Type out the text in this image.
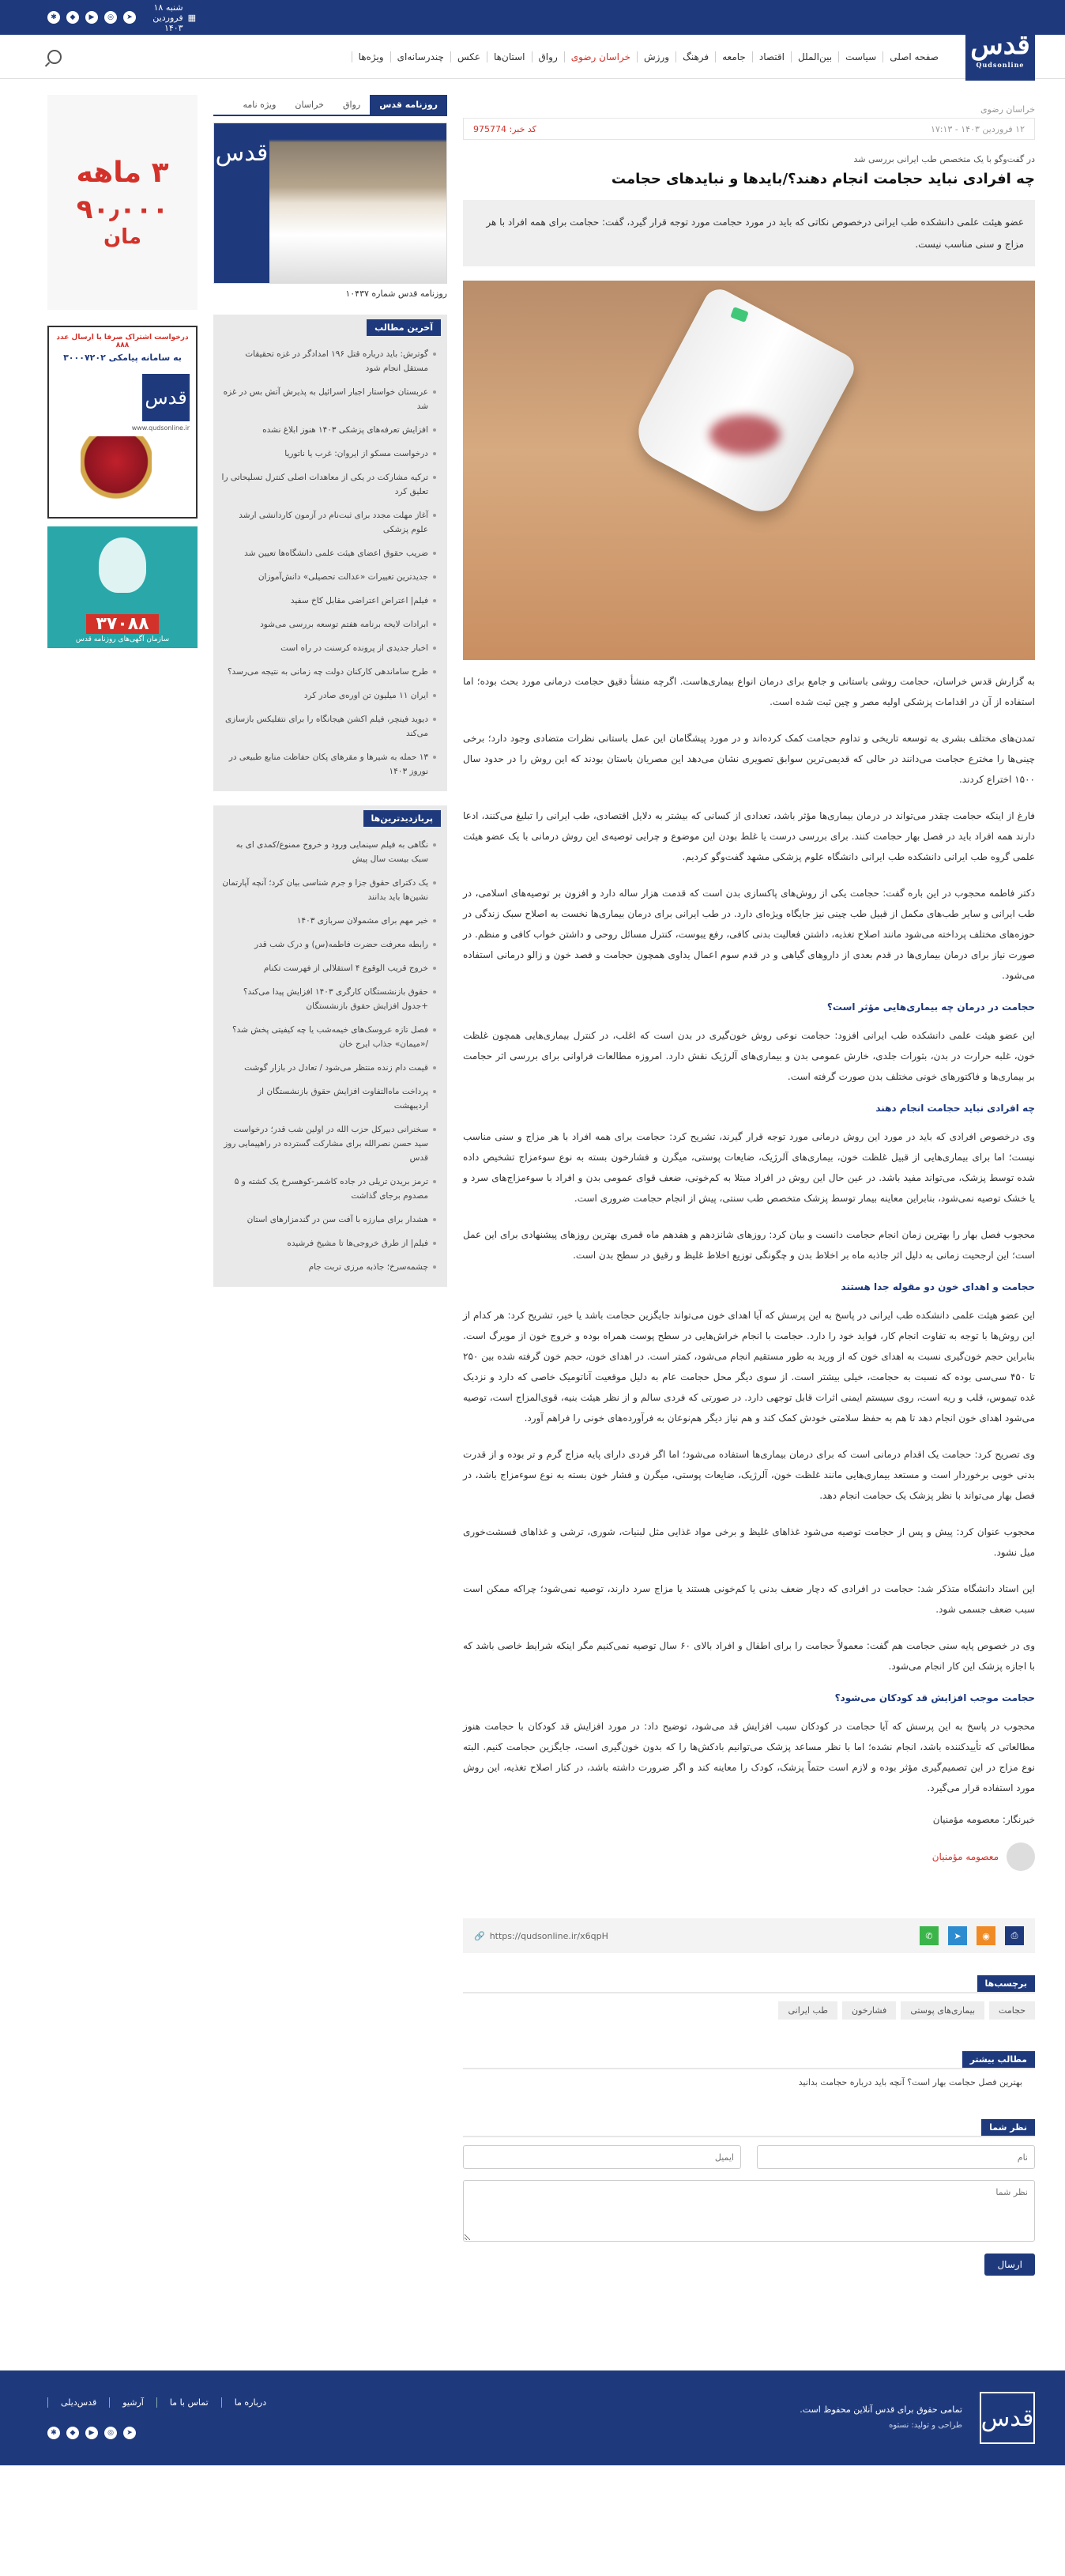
▦
شنبه ۱۸ فروردین ۱۴۰۳
➤
◎
▶
◆
✱
قدس
Qudsonline
صفحه اصلی
سیاست
بین‌الملل
اقتصاد
جامعه
فرهنگ
ورزش
خراسان رضوی
رواق
استان‌ها
عکس
چندرسانه‌ای
ویژه‌ها
خراسان رضوی
۱۲ فروردین ۱۴۰۳ - ۱۷:۱۳
کد خبر: 975774
در گفت‌وگو با یک متخصص طب ایرانی بررسی شد
چه افرادی نباید حجامت انجام دهند؟/بایدها و نبایدهای حجامت
عضو هیئت علمی دانشکده طب ایرانی درخصوص نکاتی که باید در مورد حجامت مورد توجه قرار گیرد، گفت: حجامت برای همه افراد با هر مزاج و سنی مناسب نیست.

به گزارش قدس خراسان، حجامت روشی باستانی و جامع برای درمان انواع بیماری‌هاست. اگرچه منشأ دقیق حجامت درمانی مورد بحث بوده؛ اما استفاده از آن در اقدامات پزشکی اولیه مصر و چین ثبت شده است.

تمدن‌های مختلف بشری به توسعه تاریخی و تداوم حجامت کمک کرده‌اند و در مورد پیشگامان این عمل باستانی نظرات متضادی وجود دارد؛ برخی چینی‌ها را مخترع حجامت می‌دانند در حالی که قدیمی‌ترین سوابق تصویری نشان می‌دهد این مصریان باستان بودند که این روش را در حدود سال ۱۵۰۰ اختراع کردند.

فارغ از اینکه حجامت چقدر می‌تواند در درمان بیماری‌ها مؤثر باشد، تعدادی از کسانی که بیشتر به دلایل اقتصادی، طب ایرانی را تبلیغ می‌کنند، ادعا دارند همه افراد باید در فصل بهار حجامت کنند. برای بررسی درست یا غلط بودن این موضوع و چرایی توصیه‌ی این روش درمانی با یک عضو هیئت علمی گروه طب ایرانی دانشکده طب ایرانی دانشگاه علوم پزشکی مشهد گفت‌وگو کردیم.

دکتر فاطمه محجوب در این باره گفت: حجامت یکی از روش‌های پاکسازی بدن است که قدمت هزار ساله دارد و افزون بر توصیه‌های اسلامی، در طب ایرانی و سایر طب‌های مکمل از قبیل طب چینی نیز جایگاه ویژه‌ای دارد. در طب ایرانی برای درمان بیماری‌ها نخست به اصلاح سبک زندگی در حوزه‌های مختلف پرداخته می‌شود مانند اصلاح تغذیه، داشتن فعالیت بدنی کافی، رفع یبوست، کنترل مسائل روحی و داشتن خواب کافی و منظم. در صورت نیاز برای درمان بیماری‌ها در قدم بعدی از داروهای گیاهی و در قدم سوم اعمال یداوی همچون حجامت و فصد خون و زالو درمانی استفاده می‌شود.

حجامت در درمان چه بیماری‌هایی مؤثر است؟

این عضو هیئت علمی دانشکده طب ایرانی افزود: حجامت نوعی روش خون‌گیری در بدن است که اغلب، در کنترل بیماری‌هایی همچون غلظت خون، غلبه حرارت در بدن، بثورات جلدی، خارش عمومی بدن و بیماری‌های آلرژیک نقش دارد. امروزه مطالعات فراوانی برای بررسی اثر حجامت بر بیماری‌ها و فاکتورهای خونی مختلف بدن صورت گرفته است.

چه افرادی نباید حجامت انجام دهند

وی درخصوص افرادی که باید در مورد این روش درمانی مورد توجه قرار گیرند، تشریح کرد: حجامت برای همه افراد با هر مزاج و سنی مناسب نیست؛ اما برای بیماری‌هایی از قبیل غلظت خون، بیماری‌های آلرژیک، ضایعات پوستی، میگرن و فشارخون بسته به نوع سوءمزاج تشخیص داده شده توسط پزشک، می‌تواند مفید باشد. در عین حال این روش در افراد مبتلا به کم‌خونی، ضعف قوای عمومی بدن و افراد با سوءمزاج‌های سرد و یا خشک توصیه نمی‌شود، بنابراین معاینه بیمار توسط پزشک متخصص طب سنتی، پیش از انجام حجامت ضروری است.

محجوب فصل بهار را بهترین زمان انجام حجامت دانست و بیان کرد: روزهای شانزدهم و هفدهم ماه قمری بهترین روزهای پیشنهادی برای این عمل است؛ این ارجحیت زمانی به دلیل اثر جاذبه ماه بر اخلاط بدن و چگونگی توزیع اخلاط غلیظ و رقیق در سطح بدن است.

حجامت و اهدای خون دو مقوله جدا هستند

این عضو هیئت علمی دانشکده طب ایرانی در پاسخ به این پرسش که آیا اهدای خون می‌تواند جایگزین حجامت باشد یا خیر، تشریح کرد: هر کدام از این روش‌ها با توجه به تفاوت انجام کار، فواید خود را دارد. حجامت با انجام خراش‌هایی در سطح پوست همراه بوده و خروج خون از مویرگ است. بنابراین حجم خون‌گیری نسبت به اهدای خون که از ورید به طور مستقیم انجام می‌شود، کمتر است. در اهدای خون، حجم خون گرفته شده بین ۲۵۰ تا ۴۵۰ سی‌سی بوده که نسبت به حجامت، خیلی بیشتر است. از سوی دیگر محل حجامت عام به دلیل موقعیت آناتومیک خاصی که دارد و نزدیک غده تیموس، قلب و ریه است، روی سیستم ایمنی اثرات قابل توجهی دارد. در صورتی که فردی سالم و از نظر هیئت بنیه، قوی‌المزاج است، توصیه می‌شود اهدای خون انجام دهد تا هم به حفظ سلامتی خودش کمک کند و هم نیاز دیگر هم‌نوعان به فرآورده‌های خونی را فراهم آورد.

وی تصریح کرد: حجامت یک اقدام درمانی است که برای درمان بیماری‌ها استفاده می‌شود؛ اما اگر فردی دارای پایه مزاج گرم و تر بوده و از قدرت بدنی خوبی برخوردار است و مستعد بیماری‌هایی مانند غلظت خون، آلرژیک، ضایعات پوستی، میگرن و فشار خون بسته به نوع سوءمزاج باشد، در فصل بهار می‌تواند با نظر پزشک یک حجامت انجام دهد.

محجوب عنوان کرد: پیش و پس از حجامت توصیه می‌شود غذاهای غلیظ و برخی مواد غذایی مثل لبنیات، شوری، ترشی و غذاهای قسشت‌خوری میل نشود.

این استاد دانشگاه متذکر شد: حجامت در افرادی که دچار ضعف بدنی یا کم‌خونی هستند یا مزاج سرد دارند، توصیه نمی‌شود؛ چراکه ممکن است سبب ضعف جسمی شود.

وی در خصوص پایه سنی حجامت هم گفت: معمولاً حجامت را برای اطفال و افراد بالای ۶۰ سال توصیه نمی‌کنیم مگر اینکه شرایط خاصی باشد که با اجازه پزشک این کار انجام می‌شود.

حجامت موجب افزایش قد کودکان می‌شود؟

محجوب در پاسخ به این پرسش که آیا حجامت در کودکان سبب افزایش قد می‌شود، توضیح داد: در مورد افزایش قد کودکان با حجامت هنوز مطالعاتی که تأییدکننده باشد، انجام نشده؛ اما با نظر مساعد پزشک می‌توانیم بادکش‌ها را که بدون خون‌گیری است، جایگزین حجامت کنیم. البته نوع مزاج در این تصمیم‌گیری مؤثر بوده و لازم است حتماً پزشک، کودک را معاینه کند و اگر ضرورت داشته باشد، در کنار اصلاح تغذیه، این روش مورد استفاده قرار می‌گیرد.

خبرنگار: معصومه مؤمنیان
معصومه مؤمنیان
⎙
◉
➤
✆
https://qudsonline.ir/x6qpH
🔗
برچسب‌ها
حجامت
بیماری‌های پوستی
فشارخون
طب ایرانی
مطالب بیشتر
بهترین فصل حجامت بهار است؟ آنچه باید درباره حجامت بدانید
نظر شما
نام
ایمیل
نظر شما ارسال
روزنامه قدس
رواق
خراسان
ویژه نامه
قدس
روزنامه قدس شماره ۱۰۴۳۷
آخرین مطالب
گوترش: باید درباره قتل ۱۹۶ امدادگر در غزه تحقیقات مستقل انجام شود
عربستان خواستار اجبار اسرائیل به پذیرش آتش بس در غزه شد
افزایش تعرفه‌های پزشکی ۱۴۰۳ هنوز ابلاغ نشده
درخواست مسکو از ایروان: غرب یا ناتوریا
ترکیه مشارکت در یکی از معاهدات اصلی کنترل تسلیحاتی را تعلیق کرد
آغاز مهلت مجدد برای ثبت‌نام در آزمون کاردانشی ارشد علوم پزشکی
ضریب حقوق اعضای هیئت علمی دانشگاه‌ها تعیین شد
جدیدترین تغییرات «عدالت تحصیلی» دانش‌آموزان
فیلم| اعتراض اعتراضی مقابل کاخ سفید
ابرادات لایحه برنامه هفتم توسعه بررسی می‌شود
اخبار جدیدی از پرونده کرسنت در راه است
طرح ساماندهی کارکنان دولت چه زمانی به نتیجه می‌رسد؟
ایران ۱۱ میلیون تن اوره‌ی صادر کرد
دیوید فینچر، فیلم اکشن هیجانگاه را برای نتفلیکس بازسازی می‌کند
۱۳ حمله به شیرها و مقرهای پکان حفاظت منابع طبیعی در نوروز ۱۴۰۳
پربازدیدترین‌ها
نگاهی به فیلم سینمایی ورود و خروج ممنوع/کمدی ای به سبک بیست سال پیش
یک دکترای حقوق جزا و جرم شناسی بیان کرد؛ آنچه آپارتمان نشین‌ها باید بدانند
خبر مهم برای مشمولان سربازی ۱۴۰۳
رابطه معرفت حضرت فاطمه(س) و درک شب قدر
خروج قریب الوقوع ۴ استقلالی از فهرست تکنام
حقوق بازنشستگان کارگری ۱۴۰۳ افزایش پیدا می‌کند؟ +جدول افزایش حقوق بازنشستگان
فصل تازه عروسک‌های خیمه‌شب یا چه کیفیتی پخش شد؟ /«میمان» جذاب ایرج خان
قیمت دام زنده منتظر می‌شود / تعادل در بازار گوشت
پرداخت ماه‌التفاوت افزایش حقوق بازنشستگان از اردیبهشت
سخنرانی دبیرکل حزب الله در اولین شب قدر؛ درخواست سید حسن نصرالله برای مشارکت گسترده در راهپیمایی روز قدس
ترمز بریدن تریلی در جاده کاشمر-کوهسرخ یک کشته و ۵ مصدوم برجای گذاشت
هشدار برای مبارزه با آفت سن در گندمزارهای استان
فیلم| از طرق خروجی‌ها تا مشیخ فرشیده
چشمه‌سرخ؛ جاذبه مرزی تربت جام
۳ ماهه
۹۰٫۰۰۰
مان
درخواست اشتراک صرفا با ارسال عدد ۸۸۸
به سامانه پیامکی ۳۰۰۰۷۲۰۲
قدس
www.qudsonline.ir
۳۷۰۸۸
سازمان آگهی‌های روزنامه قدس
قدس
تمامی حقوق برای قدس آنلاین محفوظ است.
طراحی و تولید: نستوه
درباره ما
تماس با ما
آرشیو
قدس‌دیلی
➤
◎
▶
◆
✱
